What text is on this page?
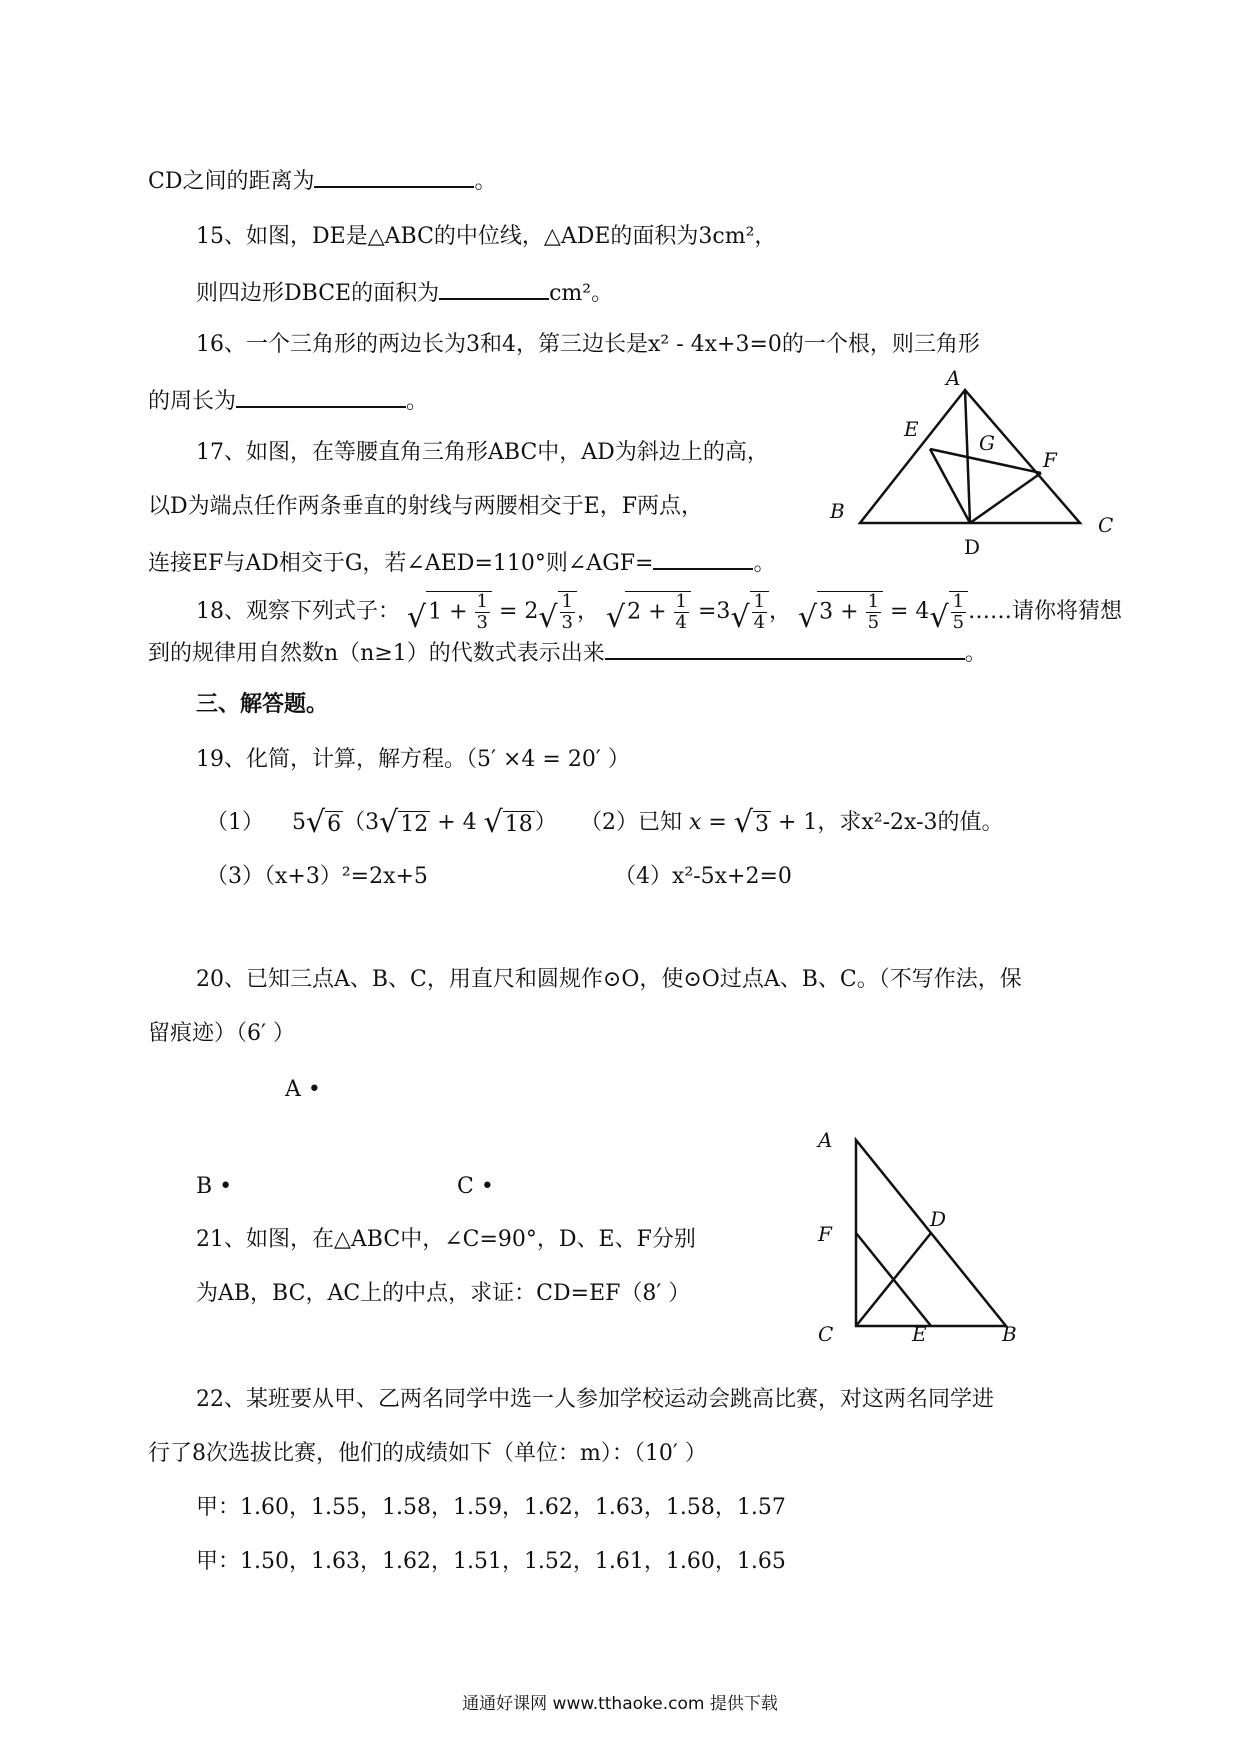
CD之间的距离为	。
15、如图，DE是△ABC的中位线，△ADE的面积为3cm²，
则四边形DBCE的面积为	cm²。
16、一个三角形的两边长为3和4，第三边长是x² - 4x+3=0的一个根，则三角形
的周长为	。
17、如图，在等腰直角三角形ABC中，AD为斜边上的高，
以D为端点任作两条垂直的射线与两腰相交于E，F两点，
连接EF与AD相交于G，若∠AED=110°则∠AGF=	。
A
E
G
F
B
C
D
18、观察下列式子： √ $1 + \frac{1}{3} = 2$ √ $\frac{1}{3}$ ， √ $2 + \frac{1}{4} =3$ √ $\frac{1}{4}$ ， √ $3 + \frac{1}{5} = 4$ √ $\frac{1}{5}$ ……请你将猜想
到的规律用自然数n（n≥1）的代数式表示出来	。
三、解答题。
19、化简，计算，解方程。（5′ ×4 = 20′ ）
（1） 5 √ 6 （3 √ 12 + 4 √ 18 ） （2）已知 x = √ 3 + 1，求x²-2x-3的值。
（3）（x+3）²=2x+5	（4）x²-5x+2=0
20、已知三点A、B、C，用直尺和圆规作⊙O，使⊙O过点A、B、C。（不写作法，保
留痕迹）（6′ ）
A •
B •	C •
21、如图，在△ABC中，∠C=90°，D、E、F分别
为AB，BC，AC上的中点，求证：CD=EF（8′ ）
A
D
F
C	E	B
22、某班要从甲、乙两名同学中选一人参加学校运动会跳高比赛，对这两名同学进
行了8次选拔比赛，他们的成绩如下（单位：m）：（10′ ）
甲：1.60，1.55，1.58，1.59，1.62，1.63，1.58，1.57
甲：1.50，1.63，1.62，1.51，1.52，1.61，1.60，1.65
通通好课网 www.tthaoke.com 提供下载
